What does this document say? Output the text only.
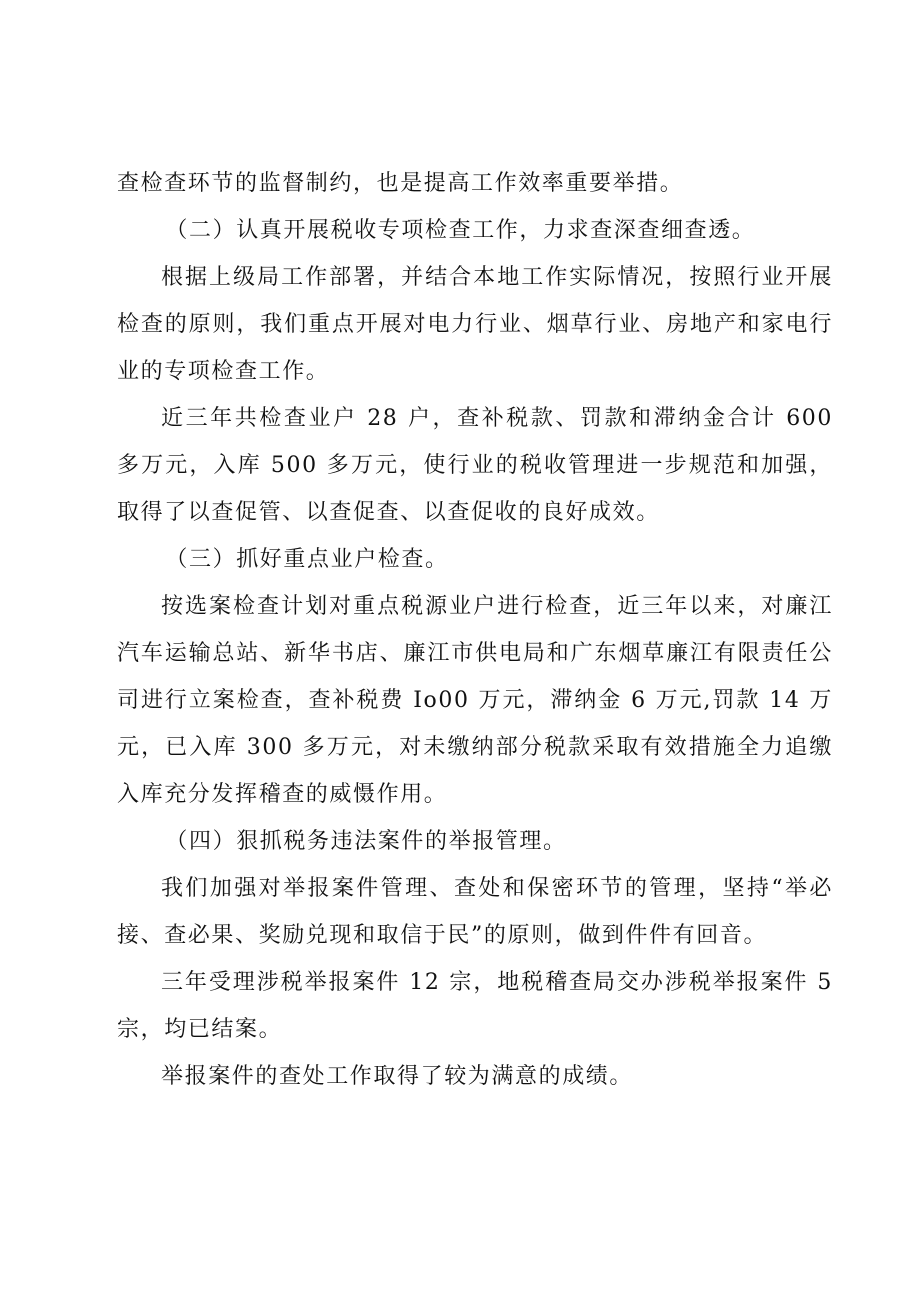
查检查环节的监督制约，也是提高工作效率重要举措。

（二）认真开展税收专项检查工作，力求查深查细查透。

根据上级局工作部署，并结合本地工作实际情况，按照行业开展检查的原则，我们重点开展对电力行业、烟草行业、房地产和家电行业的专项检查工作。

近三年共检查业户 28 户，查补税款、罚款和滞纳金合计 600 多万元，入库 500 多万元，使行业的税收管理进一步规范和加强，取得了以查促管、以查促查、以查促收的良好成效。

（三）抓好重点业户检查。

按选案检查计划对重点税源业户进行检查，近三年以来，对廉江汽车运输总站、新华书店、廉江市供电局和广东烟草廉江有限责任公司进行立案检查，查补税费 Io00 万元，滞纳金 6 万元,罚款 14 万元，已入库 300 多万元，对未缴纳部分税款采取有效措施全力追缴入库充分发挥稽查的威慑作用。

（四）狠抓税务违法案件的举报管理。

我们加强对举报案件管理、查处和保密环节的管理，坚持“举必接、查必果、奖励兑现和取信于民”的原则，做到件件有回音。

三年受理涉税举报案件 12 宗，地税稽查局交办涉税举报案件 5 宗，均已结案。

举报案件的查处工作取得了较为满意的成绩。
